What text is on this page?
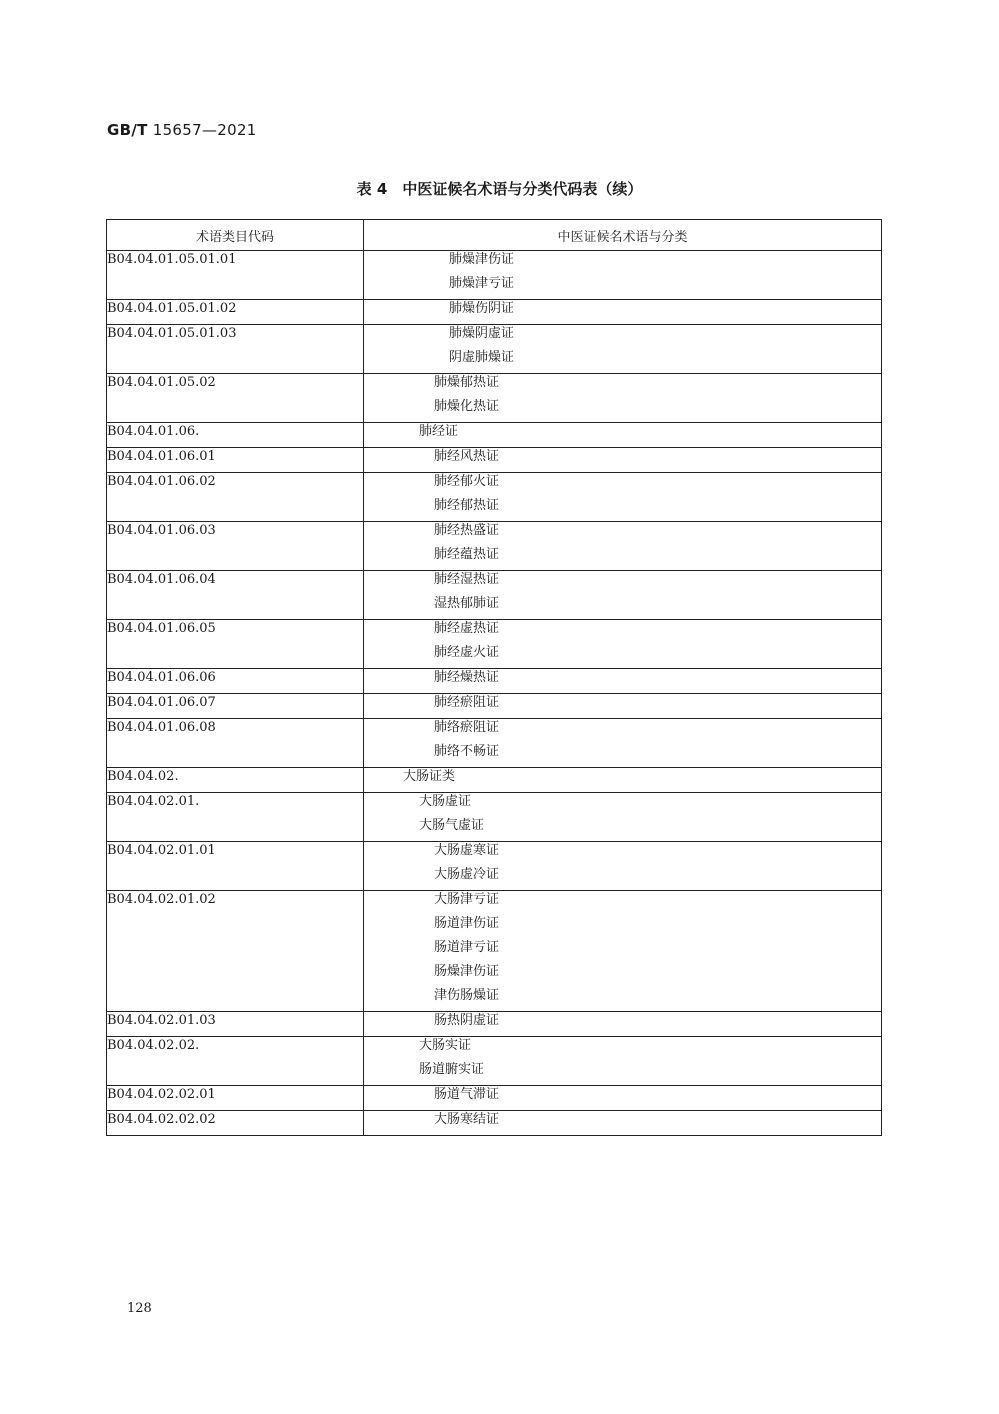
GB/T 15657—2021
表 4　中医证候名术语与分类代码表（续）
术语类目代码	中医证候名术语与分类
B04.04.01.05.01.01	肺燥津伤证
肺燥津亏证

B04.04.01.05.01.02	肺燥伤阴证

B04.04.01.05.01.03	肺燥阴虚证
阴虚肺燥证

B04.04.01.05.02	肺燥郁热证
肺燥化热证

B04.04.01.06.	肺经证

B04.04.01.06.01	肺经风热证

B04.04.01.06.02	肺经郁火证
肺经郁热证

B04.04.01.06.03	肺经热盛证
肺经蕴热证

B04.04.01.06.04	肺经湿热证
湿热郁肺证

B04.04.01.06.05	肺经虚热证
肺经虚火证

B04.04.01.06.06	肺经燥热证

B04.04.01.06.07	肺经瘀阻证

B04.04.01.06.08	肺络瘀阻证
肺络不畅证

B04.04.02.	大肠证类

B04.04.02.01.	大肠虚证
大肠气虚证

B04.04.02.01.01	大肠虚寒证
大肠虚冷证

B04.04.02.01.02	大肠津亏证
肠道津伤证
肠道津亏证
肠燥津伤证
津伤肠燥证

B04.04.02.01.03	肠热阴虚证

B04.04.02.02.	大肠实证
肠道腑实证

B04.04.02.02.01	肠道气滞证

B04.04.02.02.02	大肠寒结证
128
